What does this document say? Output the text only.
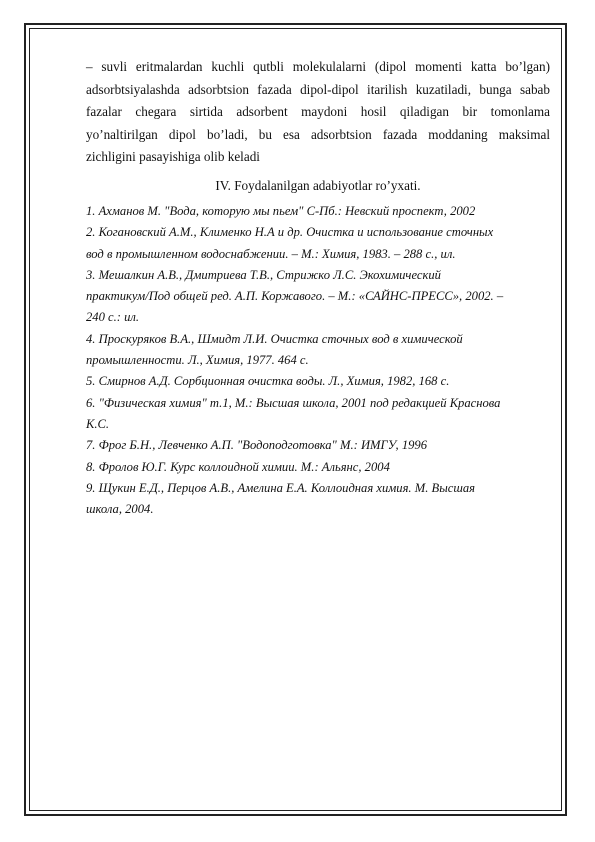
– suvli eritmalardan kuchli qutbli molekulalarni (dipol momenti katta bo’lgan)
adsorbtsiyalashda adsorbtsion fazada dipol-dipol itarilish kuzatiladi, bunga sabab
fazalar chegara sirtida adsorbent maydoni hosil qiladigan bir tomonlama
yo’naltirilgan dipol bo’ladi, bu esa adsorbtsion fazada moddaning maksimal
zichligini pasayishiga olib keladi

IV. Foydalanilgan adabiyotlar ro’yxati.
1. Ахманов М. "Вода, которую мы пьем" С-Пб.: Невский проспект, 2002
2. Когановский А.М., Клименко Н.А и др. Очистка и использование сточных
вод в промышленном водоснабжении. – М.: Химия, 1983. – 288 с., ил.
3. Мешалкин А.В., Дмитриева Т.В., Стрижко Л.С. Экохимический
практикум/Под общей ред. А.П. Коржавого. – М.: «САЙНС-ПРЕСС», 2002. –
240 с.: ил.
4. Проскуряков В.А., Шмидт Л.И. Очистка сточных вод в химической
промышленности. Л., Химия, 1977. 464 с.
5. Смирнов А.Д. Сорбционная очистка воды. Л., Химия, 1982, 168 с.
6. "Физическая химия" т.1, М.: Высшая школа, 2001 под редакцией Краснова
К.С.
7. Фрог Б.Н., Левченко А.П. "Водоподготовка" М.: ИМГУ, 1996
8. Фролов Ю.Г. Курс коллоидной химии. М.: Альянс, 2004
9. Щукин Е.Д., Перцов А.В., Амелина Е.А. Коллоидная химия. М. Высшая
школа, 2004.
